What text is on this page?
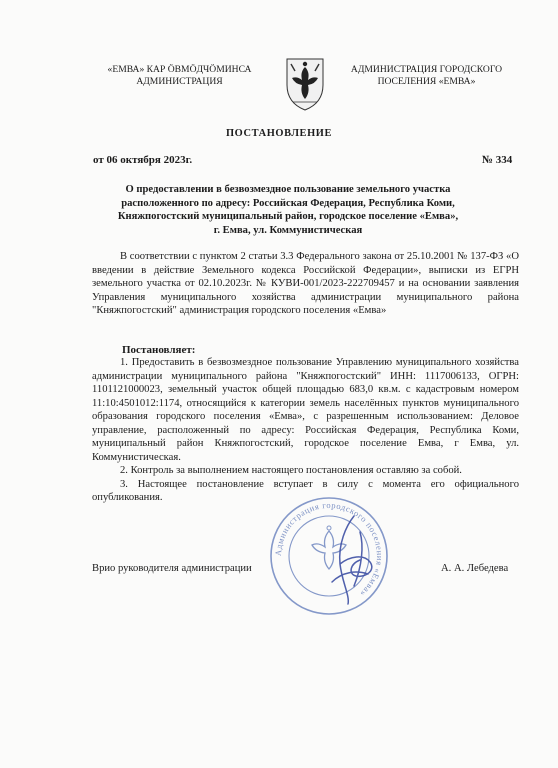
«ЕМВА» КАР ÖВМÖДЧÖМИНСА
АДМИНИСТРАЦИЯ
АДМИНИСТРАЦИЯ ГОРОДСКОГО
ПОСЕЛЕНИЯ «ЕМВА»
ПОСТАНОВЛЕНИЕ
от 06 октября 2023г.	№ 334
О предоставлении в безвозмездное пользование земельного участка
расположенного по адресу: Российская Федерация, Республика Коми,
Княжпогостский муниципальный район, городское поселение «Емва»,
г. Емва, ул. Коммунистическая

В соответствии с пунктом 2 статьи 3.3 Федерального закона от 25.10.2001 № 137-ФЗ «О введении в действие Земельного кодекса Российской Федерации», выписки из ЕГРН земельного участка от 02.10.2023г. № КУВИ-001/2023-222709457 и на основании заявления Управления муниципального хозяйства администрации муниципального района "Княжпогостский" администрация городского поселения «Емва»

Постановляет:

1. Предоставить в безвозмездное пользование Управлению муниципального хозяйства администрации муниципального района "Княжпогостский" ИНН: 1117006133, ОГРН: 1101121000023, земельный участок общей площадью 683,0 кв.м. с кадастровым номером 11:10:4501012:1174, относящийся к категории земель населённых пунктов муниципального образования городского поселения «Емва», с разрешенным использованием: Деловое управление, расположенный по адресу: Российская Федерация, Республика Коми, муниципальный район Княжпогостский, городское поселение Емва, г Емва, ул. Коммунистическая.

2. Контроль за выполнением настоящего постановления оставляю за собой.

3. Настоящее постановление вступает в силу с момента его официального опубликования.

Администрация городского поселения «Емва»
Врио руководителя администрации	А. А. Лебедева
